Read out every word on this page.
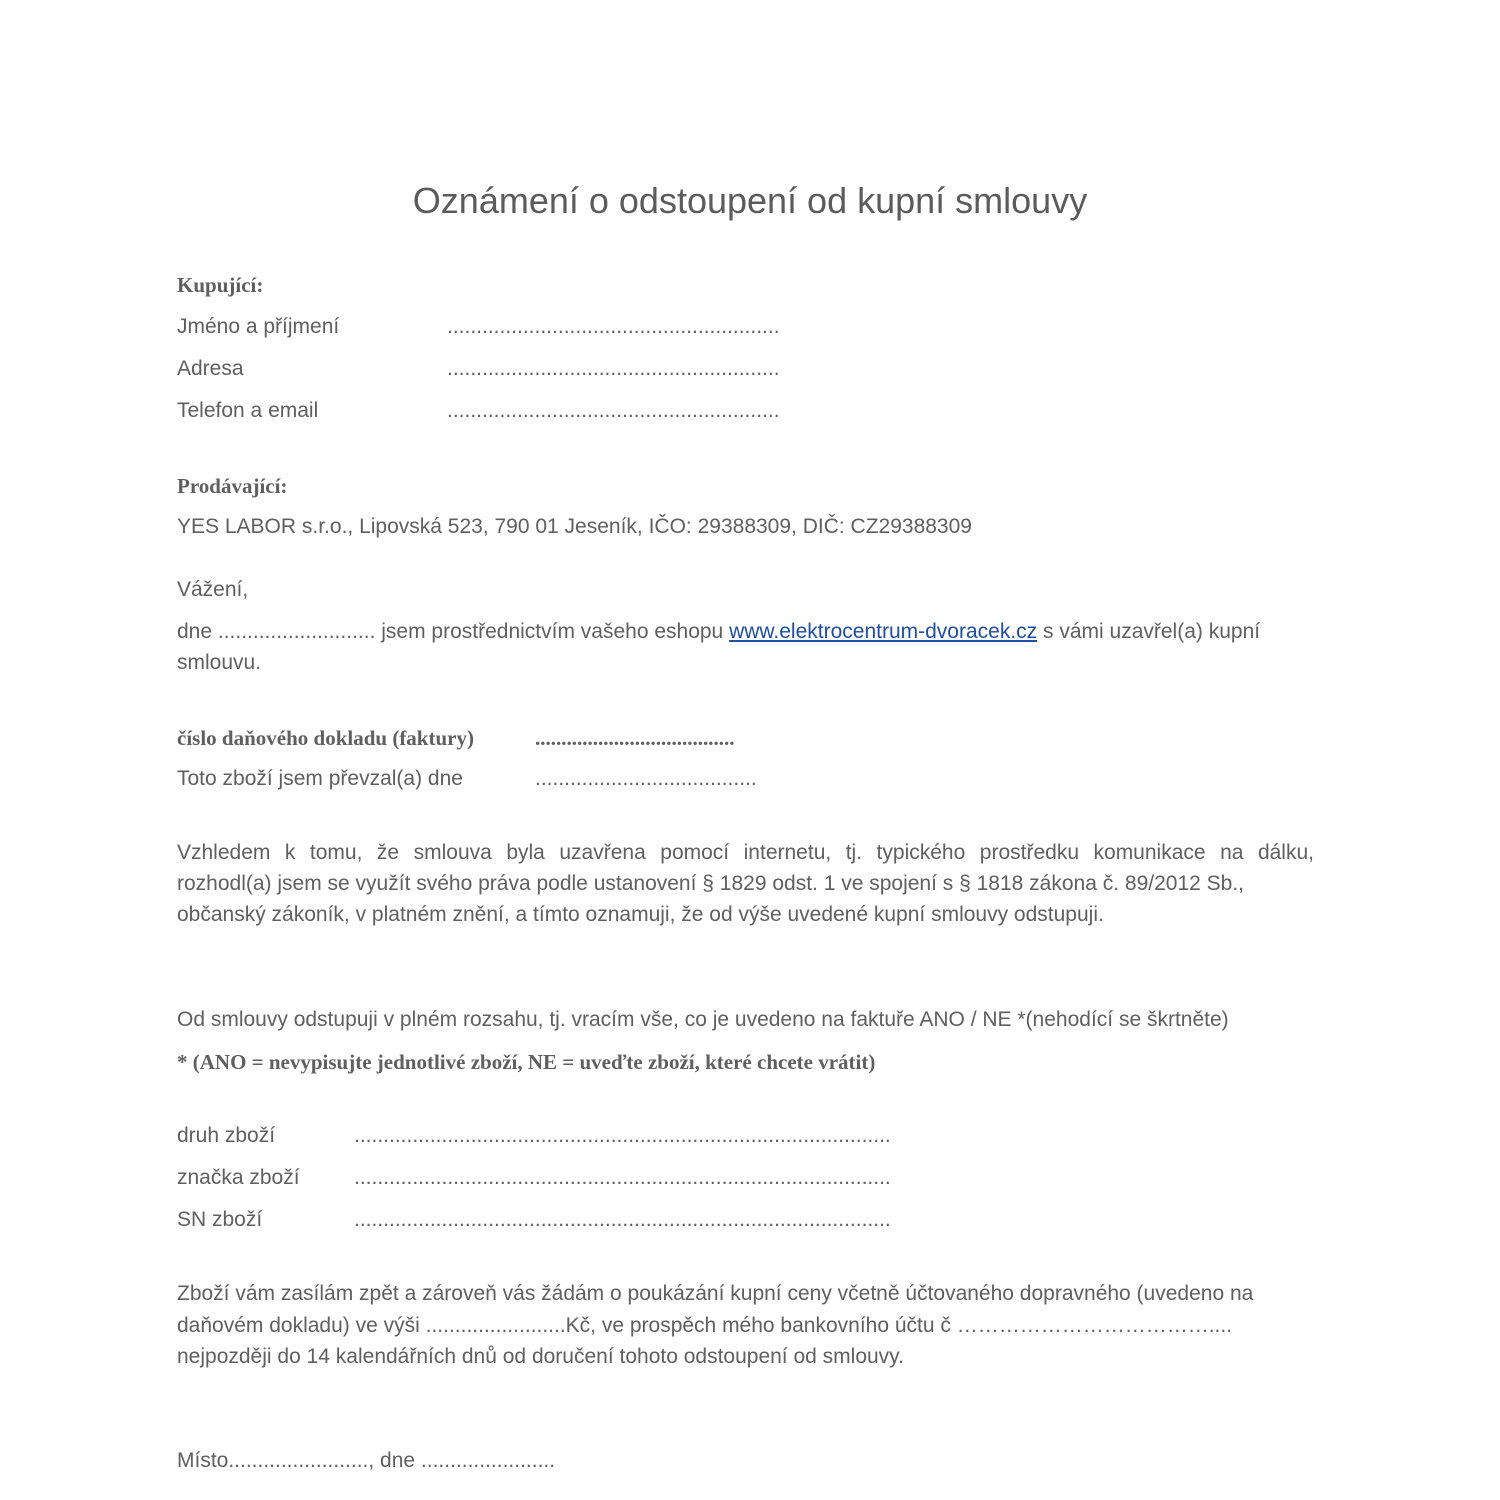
Oznámení o odstoupení od kupní smlouvy
Kupující:
Jméno a příjmení	.........................................................
Adresa	.........................................................
Telefon a email	.........................................................
Prodávající:
YES LABOR s.r.o., Lipovská 523, 790 01 Jeseník, IČO: 29388309, DIČ: CZ29388309
Vážení,
dne ........................... jsem prostřednictvím vašeho eshopu www.elektrocentrum-dvoracek.cz s vámi uzavřel(a) kupní
smlouvu.
číslo daňového dokladu (faktury)	......................................
Toto zboží jsem převzal(a) dne	......................................
Vzhledem k tomu, že smlouva byla uzavřena pomocí internetu, tj. typického prostředku komunikace na dálku,
rozhodl(a) jsem se využít svého práva podle ustanovení § 1829 odst. 1 ve spojení s § 1818 zákona č. 89/2012 Sb.,
občanský zákoník, v platném znění, a tímto oznamuji, že od výše uvedené kupní smlouvy odstupuji.
Od smlouvy odstupuji v plném rozsahu, tj. vracím vše, co je uvedeno na faktuře ANO / NE *(nehodící se škrtněte)
* (ANO = nevypisujte jednotlivé zboží, NE = uveďte zboží, které chcete vrátit)
druh zboží	............................................................................................
značka zboží	............................................................................................
SN zboží	............................................................................................
Zboží vám zasílám zpět a zároveň vás žádám o poukázání kupní ceny včetně účtovaného dopravného (uvedeno na
daňovém dokladu) ve výši ........................Kč, ve prospěch mého bankovního účtu č ………………………………....
nejpozději do 14 kalendářních dnů od doručení tohoto odstoupení od smlouvy.
Místo........................, dne .......................
